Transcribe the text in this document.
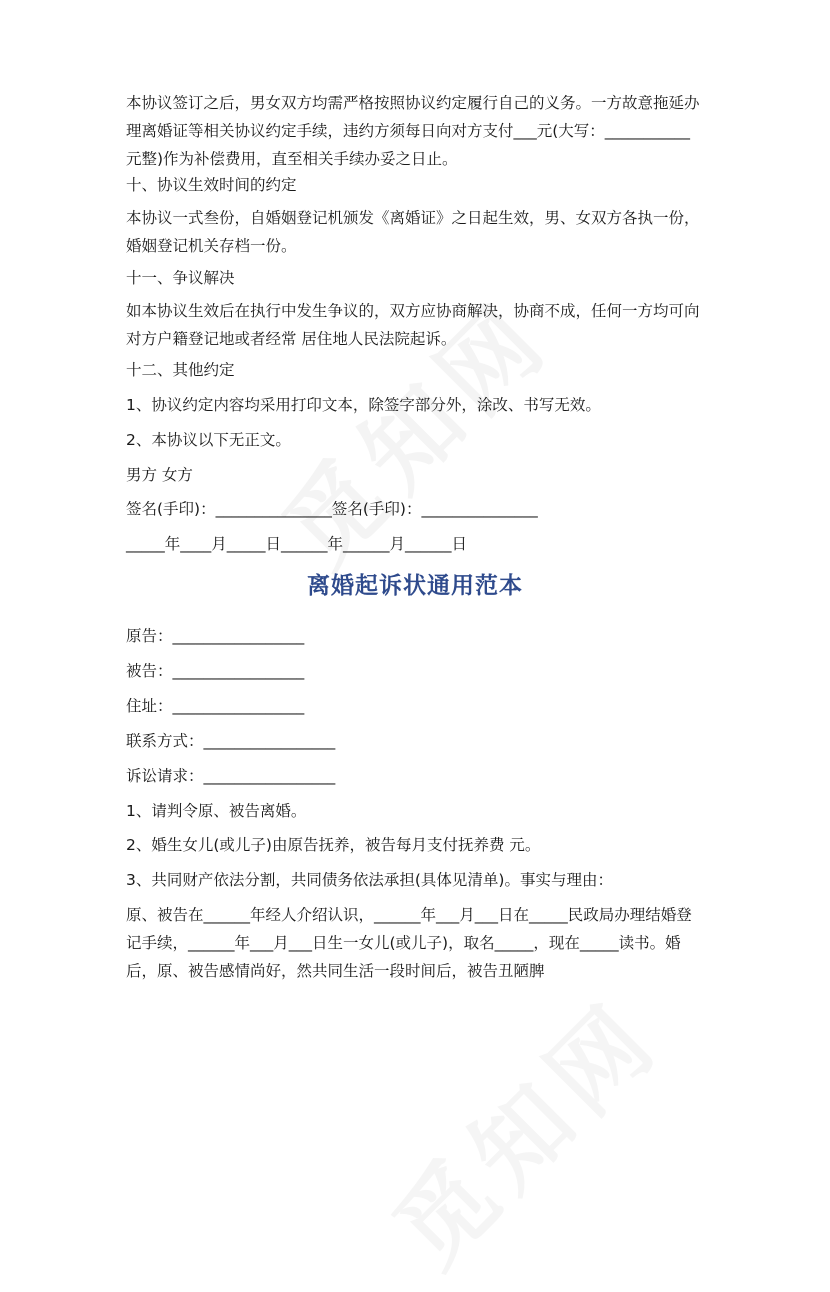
本协议签订之后，男女双方均需严格按照协议约定履行自己的义务。一方故意拖延办理离婚证等相关协议约定手续，违约方须每日向对方支付___元(大写：___________元整)作为补偿费用，直至相关手续办妥之日止。

十、协议生效时间的约定

本协议一式叁份，自婚姻登记机颁发《离婚证》之日起生效，男、女双方各执一份，婚姻登记机关存档一份。

十一、争议解决

如本协议生效后在执行中发生争议的，双方应协商解决，协商不成，任何一方均可向对方户籍登记地或者经常 居住地人民法院起诉。

十二、其他约定

1、协议约定内容均采用打印文本，除签字部分外，涂改、书写无效。

2、本协议以下无正文。

男方 女方

签名(手印)：_______________签名(手印)：_______________

_____年____月_____日______年______月______日

离婚起诉状通用范本

原告：_________________

被告：_________________

住址：_________________

联系方式：_________________

诉讼请求：_________________

1、请判令原、被告离婚。

2、婚生女儿(或儿子)由原告抚养，被告每月支付抚养费 元。

3、共同财产依法分割，共同债务依法承担(具体见清单)。事实与理由：

原、被告在______年经人介绍认识，______年___月___日在_____民政局办理结婚登记手续，______年___月___日生一女儿(或儿子)，取名_____，现在_____读书。婚后，原、被告感情尚好，然共同生活一段时间后，被告丑陋脾
